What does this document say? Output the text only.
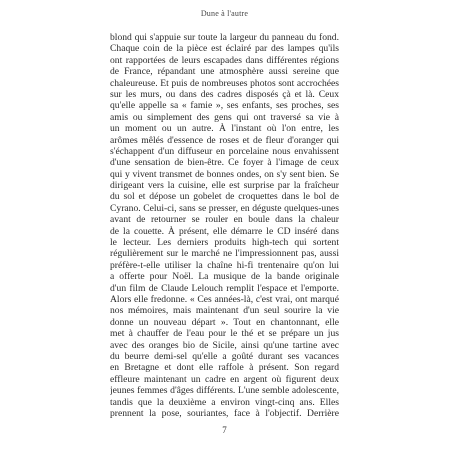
Dune à l'autre
blond qui s'appuie sur toute la largeur du panneau du fond.
Chaque coin de la pièce est éclairé par des lampes qu'ils
ont rapportées de leurs escapades dans différentes régions
de France, répandant une atmosphère aussi sereine que
chaleureuse. Et puis de nombreuses photos sont accrochées
sur les murs, ou dans des cadres disposés çà et là. Ceux
qu'elle appelle sa « famie », ses enfants, ses proches, ses
amis ou simplement des gens qui ont traversé sa vie à
un moment ou un autre. À l'instant où l'on entre, les
arômes mêlés d'essence de roses et de fleur d'oranger qui
s'échappent d'un diffuseur en porcelaine nous envahissent
d'une sensation de bien-être. Ce foyer à l'image de ceux
qui y vivent transmet de bonnes ondes, on s'y sent bien. Se
dirigeant vers la cuisine, elle est surprise par la fraîcheur
du sol et dépose un gobelet de croquettes dans le bol de
Cyrano. Celui-ci, sans se presser, en déguste quelques-unes
avant de retourner se rouler en boule dans la chaleur
de la couette. À présent, elle démarre le CD inséré dans
le lecteur. Les derniers produits high-tech qui sortent
régulièrement sur le marché ne l'impressionnent pas, aussi
préfère-t-elle utiliser la chaîne hi-fi trentenaire qu'on lui
a offerte pour Noël. La musique de la bande originale
d'un film de Claude Lelouch remplit l'espace et l'emporte.
Alors elle fredonne. « Ces années-là, c'est vrai, ont marqué
nos mémoires, mais maintenant d'un seul sourire la vie
donne un nouveau départ ». Tout en chantonnant, elle
met à chauffer de l'eau pour le thé et se prépare un jus
avec des oranges bio de Sicile, ainsi qu'une tartine avec
du beurre demi-sel qu'elle a goûté durant ses vacances
en Bretagne et dont elle raffole à présent. Son regard
effleure maintenant un cadre en argent où figurent deux
jeunes femmes d'âges différents. L'une semble adolescente,
tandis que la deuxième a environ vingt-cinq ans. Elles
prennent la pose, souriantes, face à l'objectif. Derrière
7
